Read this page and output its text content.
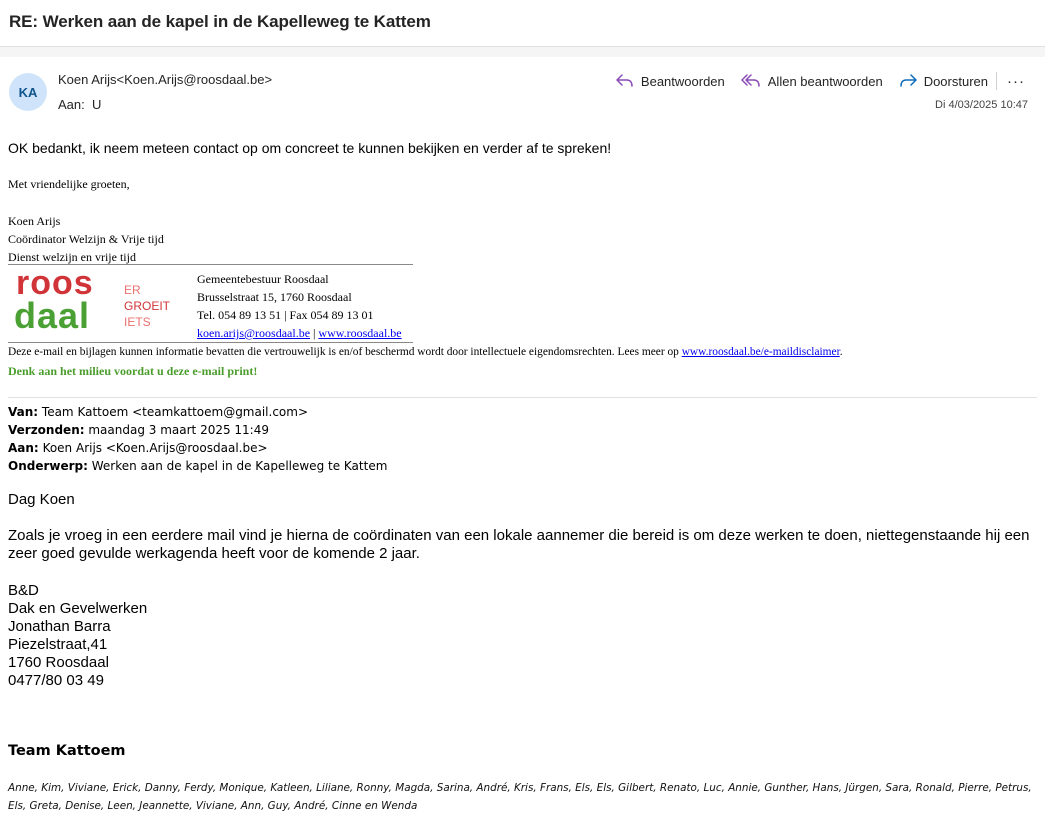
RE: Werken aan de kapel in de Kapelleweg te Kattem
KA
Koen Arijs<Koen.Arijs@roosdaal.be>
Aan: U
Beantwoorden	Allen beantwoorden	Doorsturen ···
Di 4/03/2025 10:47
OK bedankt, ik neem meteen contact op om concreet te kunnen bekijken en verder af te spreken!
Met vriendelijke groeten,
Koen Arijs
Coördinator Welzijn & Vrije tijd
Dienst welzijn en vrije tijd
roos
daal
ER
GROEIT
IETS
Gemeentebestuur Roosdaal
Brusselstraat 15, 1760 Roosdaal
Tel. 054 89 13 51 | Fax 054 89 13 01
koen.arijs@roosdaal.be | www.roosdaal.be
Deze e-mail en bijlagen kunnen informatie bevatten die vertrouwelijk is en/of beschermd wordt door intellectuele eigendomsrechten. Lees meer op www.roosdaal.be/e-maildisclaimer.
Denk aan het milieu voordat u deze e-mail print!
Van: Team Kattoem <teamkattoem@gmail.com>
Verzonden: maandag 3 maart 2025 11:49
Aan: Koen Arijs <Koen.Arijs@roosdaal.be>
Onderwerp: Werken aan de kapel in de Kapelleweg te Kattem
Dag Koen
Zoals je vroeg in een eerdere mail vind je hierna de coördinaten van een lokale aannemer die bereid is om deze werken te doen, niettegenstaande hij een zeer goed gevulde werkagenda heeft voor de komende 2 jaar.
B&D
Dak en Gevelwerken
Jonathan Barra
Piezelstraat,41
1760 Roosdaal
0477/80 03 49
Team Kattoem
Anne, Kim, Viviane, Erick, Danny, Ferdy, Monique, Katleen, Liliane, Ronny, Magda, Sarina, André, Kris, Frans, Els, Els, Gilbert, Renato, Luc, Annie, Gunther, Hans, Jürgen, Sara, Ronald, Pierre, Petrus, Els, Greta, Denise, Leen, Jeannette, Viviane, Ann, Guy, André, Cinne en Wenda
